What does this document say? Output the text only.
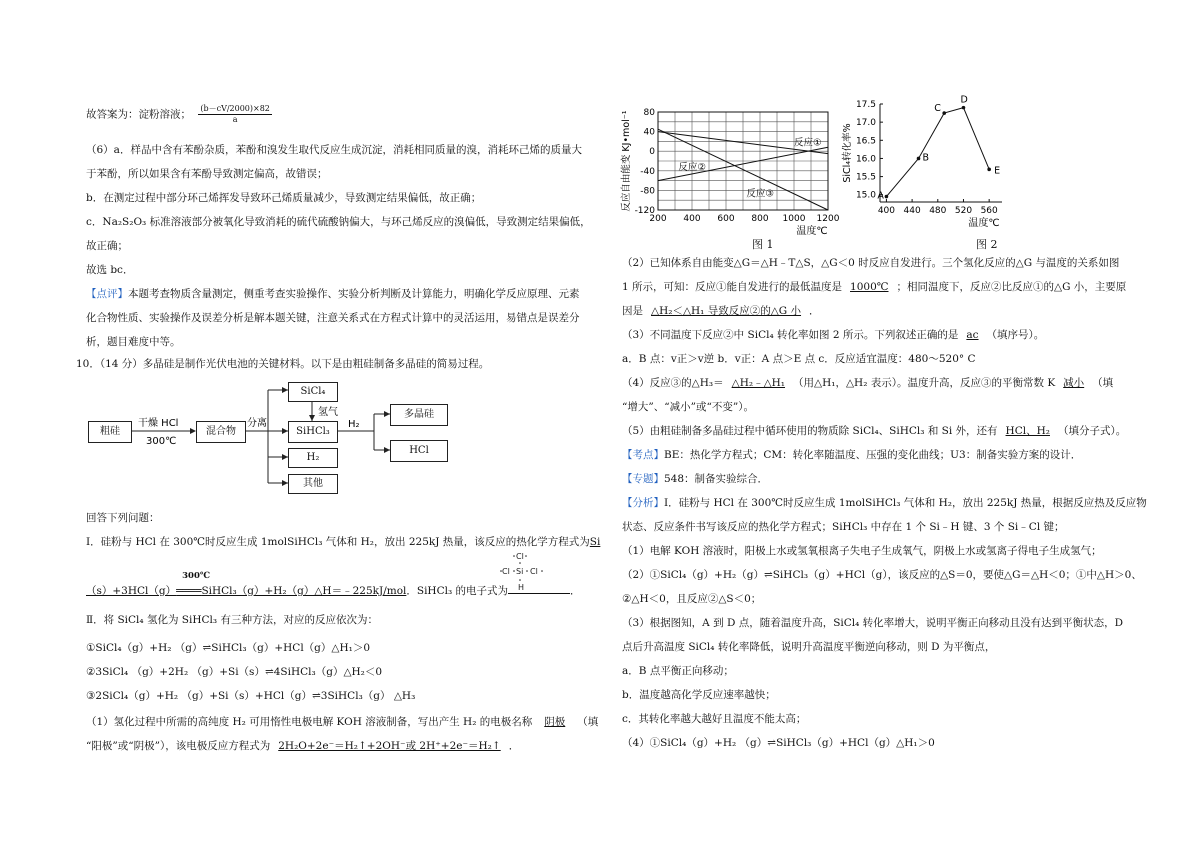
故答案为：淀粉溶液； $\frac{(b-cV/2000)\times 82}{a}$
（6）a．样品中含有苯酚杂质，苯酚和溴发生取代反应生成沉淀，消耗相同质量的溴，消耗环己烯的质量大
于苯酚，所以如果含有苯酚导致测定偏高，故错误；
b．在测定过程中部分环己烯挥发导致环己烯质量减少，导致测定结果偏低，故正确；
c．Na₂S₂O₃ 标准溶液部分被氧化导致消耗的硫代硫酸钠偏大，与环己烯反应的溴偏低，导致测定结果偏低，
故正确；
故选 bc．
【点评】本题考查物质含量测定，侧重考查实验操作、实验分析判断及计算能力，明确化学反应原理、元素
化合物性质、实验操作及误差分析是解本题关键，注意关系式在方程式计算中的灵活运用，易错点是误差分
析，题目难度中等。
10．（14 分）多晶硅是制作光伏电池的关键材料。以下是由粗硅制备多晶硅的简易过程。
干燥 HCl
300℃
分离
氢气
H₂
粗硅	混合物
SiCl₄
SiHCl₃
H₂
其他
多晶硅
HCl
回答下列问题：
Ⅰ．硅粉与 HCl 在 300℃时反应生成 1molSiHCl₃ 气体和 H₂，放出 225kJ 热量，该反应的热化学方程式为Si
（s）+3HCl（g）
300℃
════SiHCl₃（g）+H₂（g）△H＝﹣225kJ/mol．SiHCl₃ 的电子式为	．
Cl
Cl Si Cl
H
Ⅱ．将 SiCl₄ 氢化为 SiHCl₃ 有三种方法，对应的反应依次为：
①SiCl₄（g）+H₂ （g）⇌SiHCl₃（g）+HCl（g）△H₁＞0
②3SiCl₄ （g）+2H₂ （g）+Si（s）⇌4SiHCl₃（g）△H₂＜0
③2SiCl₄（g）+H₂ （g）+Si（s）+HCl（g）⇌3SiHCl₃（g） △H₃
（1）氢化过程中所需的高纯度 H₂ 可用惰性电极电解 KOH 溶液制备，写出产生 H₂ 的电极名称 阴极 （填
“阳极”或“阴极”），该电极反应方程式为 2H₂O+2e⁻＝H₂↑+2OH⁻或 2H⁺+2e⁻＝H₂↑ ．
200 400 600 800 1000 1200
80
40
0
-40
-80
-120
温度℃
反应自由能变 KJ•mol⁻¹	反应①
反应②
反应③
图 1
400 440 480 520 560
15.0
15.5
16.0
16.5
17.0
17.5
温度℃
SiCl₄转化率%
A
B
C
D
E
图 2
（2）已知体系自由能变△G＝△H﹣T△S，△G＜0 时反应自发进行。三个氢化反应的△G 与温度的关系如图
1 所示，可知：反应①能自发进行的最低温度是 1000℃ ；相同温度下，反应②比反应①的△G 小，主要原
因是 △H₂＜△H₁ 导致反应②的△G 小 ．
（3）不同温度下反应②中 SiCl₄ 转化率如图 2 所示。下列叙述正确的是 ac （填序号）。
a．B 点：v正＞v逆 b．v正：A 点＞E 点 c．反应适宜温度：480～520° C
（4）反应③的△H₃＝ △H₂﹣△H₁ （用△H₁，△H₂ 表示）。温度升高，反应③的平衡常数 K 减小 （填
“增大”、“减小”或“不变”）。
（5）由粗硅制备多晶硅过程中循环使用的物质除 SiCl₄、SiHCl₃ 和 Si 外，还有 HCl、H₂ （填分子式）。
【考点】BE：热化学方程式；CM：转化率随温度、压强的变化曲线；U3：制备实验方案的设计．
【专题】548：制备实验综合．
【分析】Ⅰ．硅粉与 HCl 在 300℃时反应生成 1molSiHCl₃ 气体和 H₂，放出 225kJ 热量，根据反应热及反应物
状态、反应条件书写该反应的热化学方程式；SiHCl₃ 中存在 1 个 Si﹣H 键、3 个 Si﹣Cl 键；
（1）电解 KOH 溶液时，阳极上水或氢氧根离子失电子生成氧气，阴极上水或氢离子得电子生成氢气；
（2）①SiCl₄（g）+H₂（g）⇌SiHCl₃（g）+HCl（g），该反应的△S＝0，要使△G＝△H＜0；①中△H＞0、
②△H＜0，且反应②△S＜0；
（3）根据图知，A 到 D 点，随着温度升高，SiCl₄ 转化率增大，说明平衡正向移动且没有达到平衡状态，D
点后升高温度 SiCl₄ 转化率降低，说明升高温度平衡逆向移动，则 D 为平衡点，
a．B 点平衡正向移动；
b．温度越高化学反应速率越快；
c．其转化率越大越好且温度不能太高；
（4）①SiCl₄（g）+H₂ （g）⇌SiHCl₃（g）+HCl（g）△H₁＞0
